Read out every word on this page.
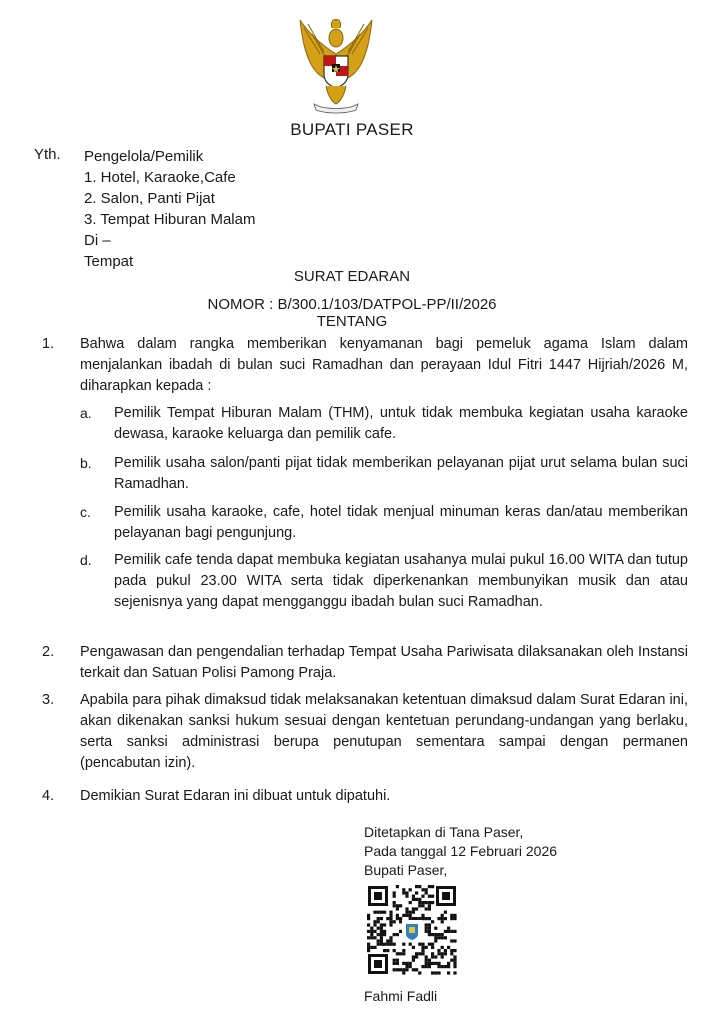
BUPATI PASER
Yth. Pengelola/Pemilik
1. Hotel, Karaoke,Cafe
2. Salon, Panti Pijat
3. Tempat Hiburan Malam
Di –
Tempat
SURAT EDARAN
NOMOR : B/300.1/103/DATPOL-PP/II/2026
TENTANG
1. Bahwa dalam rangka memberikan kenyamanan bagi pemeluk agama Islam dalam menjalankan ibadah di bulan suci Ramadhan dan perayaan Idul Fitri 1447 Hijriah/2026 M, diharapkan kepada :
a. Pemilik Tempat Hiburan Malam (THM), untuk tidak membuka kegiatan usaha karaoke dewasa, karaoke keluarga dan pemilik cafe.
b. Pemilik usaha salon/panti pijat tidak memberikan pelayanan pijat urut selama bulan suci Ramadhan.
c. Pemilik usaha karaoke, cafe, hotel tidak menjual minuman keras dan/atau memberikan pelayanan bagi pengunjung.
d. Pemilik cafe tenda dapat membuka kegiatan usahanya mulai pukul 16.00 WITA dan tutup pada pukul 23.00 WITA serta tidak diperkenankan membunyikan musik dan atau sejenisnya yang dapat mengganggu ibadah bulan suci Ramadhan.
2. Pengawasan dan pengendalian terhadap Tempat Usaha Pariwisata dilaksanakan oleh Instansi terkait dan Satuan Polisi Pamong Praja.
3. Apabila para pihak dimaksud tidak melaksanakan ketentuan dimaksud dalam Surat Edaran ini, akan dikenakan sanksi hukum sesuai dengan kentetuan perundang-undangan yang berlaku, serta sanksi administrasi berupa penutupan sementara sampai dengan permanen (pencabutan izin).
4. Demikian Surat Edaran ini dibuat untuk dipatuhi.
Ditetapkan di Tana Paser,
Pada tanggal 12 Februari 2026
Bupati Paser,
Fahmi Fadli
